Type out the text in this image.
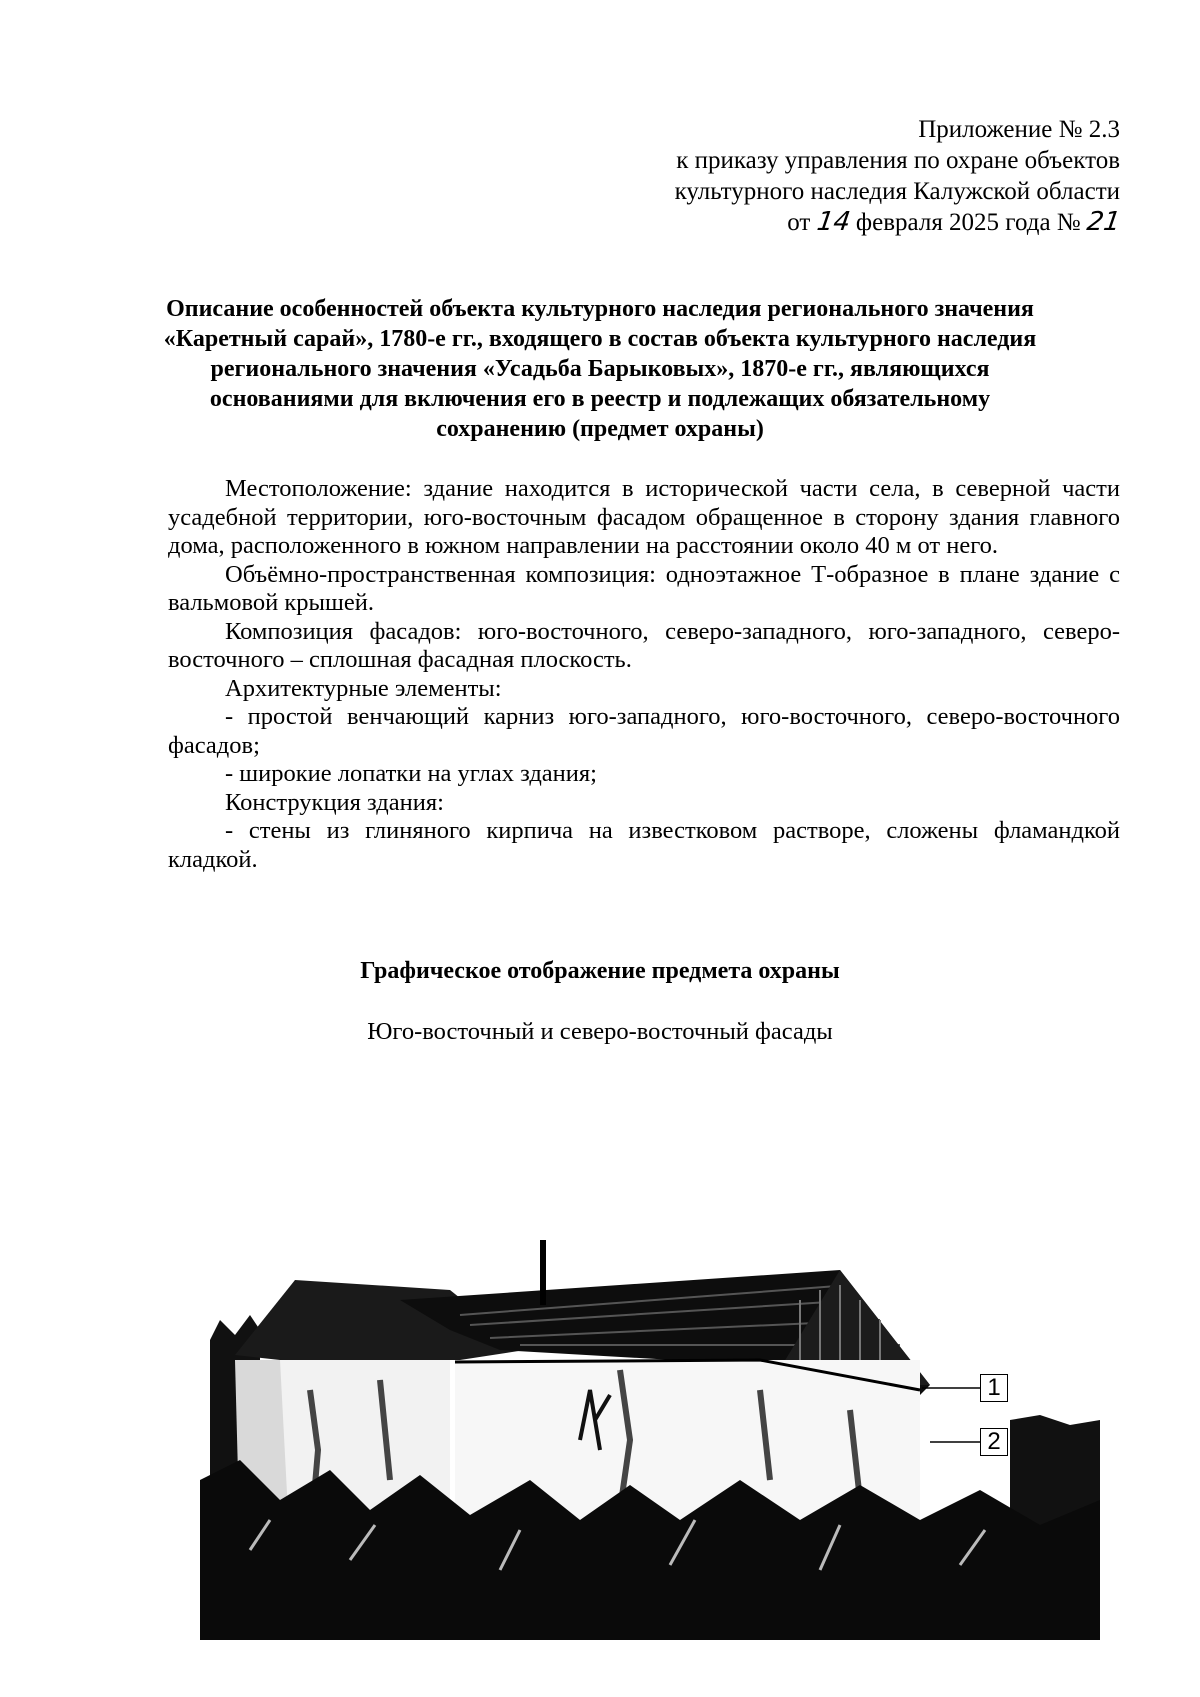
Приложение № 2.3
к приказу управления по охране объектов
культурного наследия Калужской области
от 14 февраля 2025 года № 21
Описание особенностей объекта культурного наследия регионального значения «Каретный сарай», 1780-е гг., входящего в состав объекта культурного наследия регионального значения «Усадьба Барыковых», 1870-е гг., являющихся основаниями для включения его в реестр и подлежащих обязательному сохранению (предмет охраны)

Местоположение: здание находится в исторической части села, в северной части усадебной территории, юго-восточным фасадом обращенное в сторону здания главного дома, расположенного в южном направлении на расстоянии около 40 м от него.

Объёмно-пространственная композиция: одноэтажное Т-образное в плане здание с вальмовой крышей.

Композиция фасадов: юго-восточного, северо-западного, юго-западного, северо-восточного – сплошная фасадная плоскость.

Архитектурные элементы:

- простой венчающий карниз юго-западного, юго-восточного, северо-восточного фасадов;

- широкие лопатки на углах здания;

Конструкция здания:

- стены из глиняного кирпича на известковом растворе, сложены фламандкой кладкой.

Графическое отображение предмета охраны
Юго-восточный и северо-восточный фасады
1
2
